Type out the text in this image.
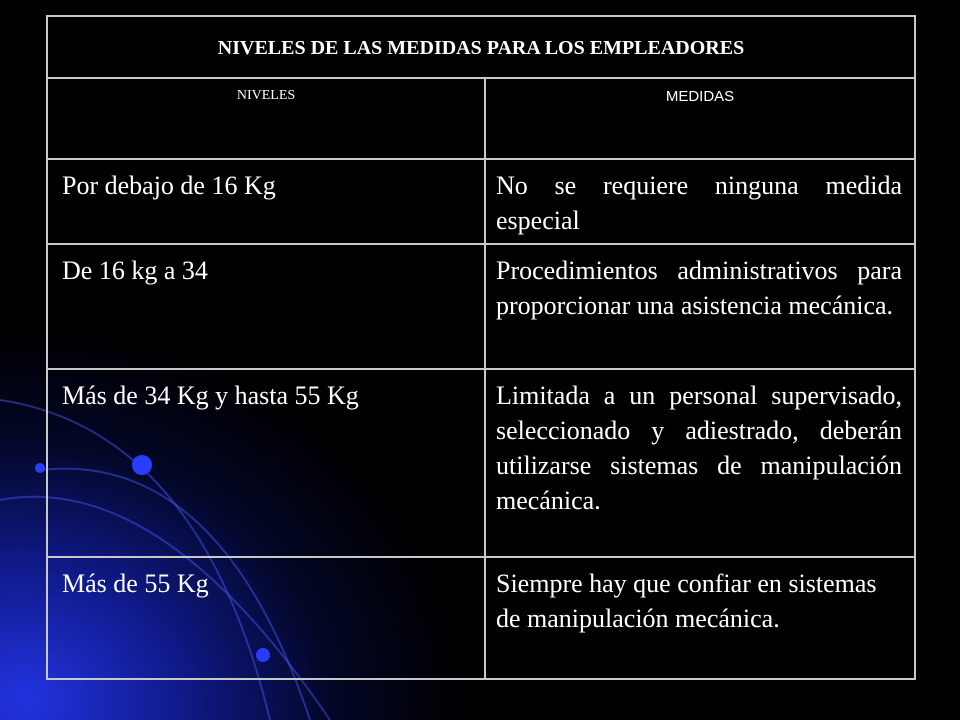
NIVELES DE LAS MEDIDAS PARA LOS EMPLEADORES	
NIVELES	MEDIDAS
Por debajo de 16 Kg	No se requiere ninguna medida especial
De 16 kg a 34	Procedimientos administrativos para proporcionar una asistencia mecánica.
Más de 34 Kg y hasta 55 Kg	Limitada a un personal supervisado, seleccionado y adiestrado, deberán utilizarse sistemas de manipulación mecánica.
Más de 55 Kg	Siempre hay que confiar en sistemas de manipulación mecánica.
